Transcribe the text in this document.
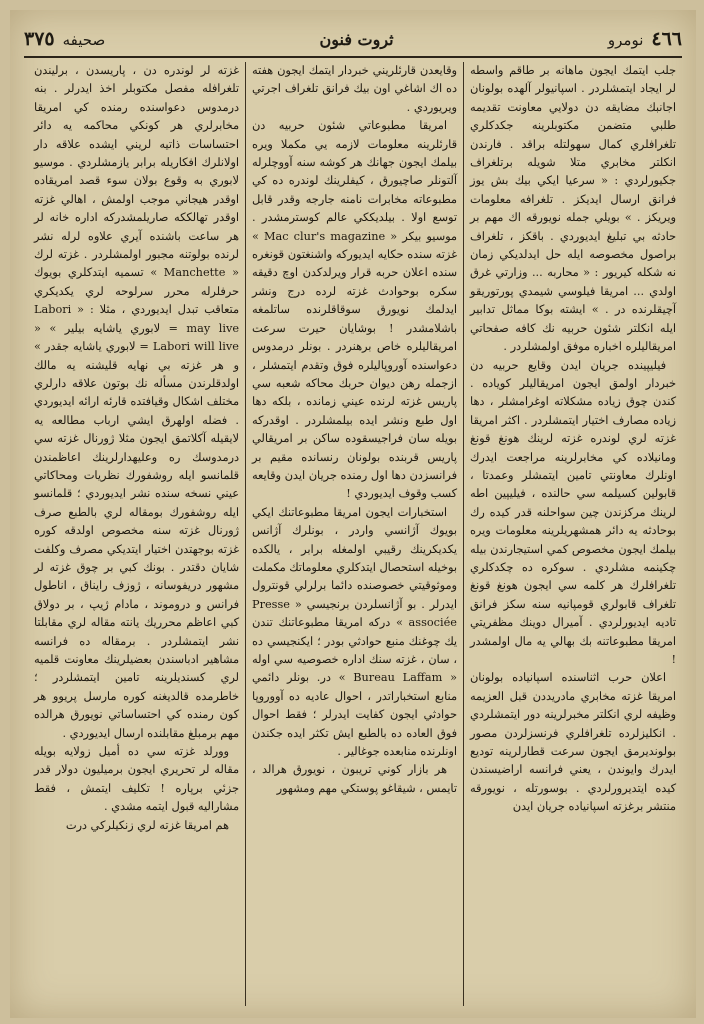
٤٦٦
نومرو
ثروت فنون
صحيفه
٣٧٥

جلب ايتمك ايجون ماهانه بر طاقم واسطه لر ايجاد ايتمشلردر . اسپانيولر آلهده بولونان اجانبك مضايقه دن دولايي معاونت تقديمه طلبي متضمن مكتوبلرينه جكدكلري تلغرافلري كمال سهولتله براقد . فارندن انكلتر مخابري متلا شويله برتلغراف جكيورلردي : « سرعيا ايكي بيك بش يوز فرانق ارسال ايديكز . تلغرافه معلومات ويريكز . » بويلي جمله نويورقه اك مهم بر حادثه بي تبليغ ايديوردي . باقكز ، تلغراف براصول مخصوصه ايله حل ايدلديكي زمان نه شكله كيريور : « محاربه ... وزارتي غرق اولدي ... امريقا فيلوسي شيمدي پورتوريقو آچيقلرنده در . » ايشته بوكا مماثل تدابير ايله انكلتر شئون حربيه نك كافه صفحاتي امريقاليلره اخباره موفق اولمشلردر .

فيليپينده جريان ايدن وقايع حربيه دن خبردار اولمق ايجون امريقاليلر كوياده . كندن چوق زياده مشكلاته اوغرامشلر ، دها زياده مصارف اختيار ايتمشلردر . اكثر امريقا غزته لري لوندره غزته لرينك هونغ قونغ ومانيلاده كي مخابرلرينه مراجعت ايدرك اونلرك معاونتي تامين ايتمشلر وعمدتا ، قابولين كسيلمه سي حالنده ، فيليپين اطه لرينك مركزندن چين سواحلنه قدر كيده رك بوحادثه يه دائر همشهريلرينه معلومات ويره بيلمك ايجون مخصوص كمي استيجارندن بيله چكينمه مشلردي . سوكره ده چكدكلري تلغرافلرك هر كلمه سي ايجون هونغ قونغ تلغراف قابولري قومپانيه سنه سكز فرانق تاديه ايديورلردي . آميرال دوينك مظفريتي امريقا مطبوعاتنه بك بهالي يه مال اولمشدر !

اعلان حرب اثناسنده اسپانياده بولونان امريقا غزته مخابري مادريددن قبل العزيمه وظيفه لري انكلتر مخبرلرينه دور ايتمشلردي . انكليزلرده تلغرافلري فرنسزلردن مصور بولونديرمق ايجون سرعت قطارلرينه توديع ايدرك وايوندن ، يعني فرانسه اراضيسندن كيده ايتديرورلردي . بوسورتله ، نويورقه منتشر برغزته اسپانياده جريان ايدن

وقايعدن قارئلريني خبردار ايتمك ايجون هفته ده اك اشاغي اون بيك فرانق تلغراف اجرتي ويريوردي .

امريقا مطبوعاتي شئون حربيه دن قارئلرينه معلومات لازمه يي مكملا ويره بيلمك ايجون جهانك هر كوشه سنه آووچلرله آلتونلر صاچيورق ، كيفلرينك لوندره ده كي مطبوعاته مخابرات نامنه جارجه وقدر قابل توسع اولا . بيلديككي عالم كوسترمشدر . موسيو بيكر « Mac clur's magazine » غزته سنده حكايه ايديوركه واشنغتون قونغره سنده اعلان حربه قرار ويرلدكدن اوچ دقيقه سكره بوحوادث غزته لرده درج ونشر ايدلمك نويورق سوقاقلرنده ساتلمغه باشلامشدر ! بوشايان حيرت سرعت امريقاليلره خاص برهنردر . بونلر درمدوس دعواسنده آوروپاليلره فوق وتقدم ايتمشلر ، ازجمله رهن ديوان حربك محاكه شعبه سي پاريس غزته لرنده عيني زمانده ، بلكه دها اول طبع ونشر ايده بيلمشلردر . اوقدركه بويله سان فراجيسقوده ساكن بر امريقالي پاريس قربنده بولونان رنسانده مقيم بر فرانسزدن دها اول رمنده جريان ايدن وقايعه كسب وقوف ايديوردي !

استخبارات ايجون امريقا مطبوعاتنك ايكي بويوك آژانسي واردر ، بونلرك آژانس يكديكرينك رقيبي اولمغله برابر ، يالكده بوخيله استحصال ايتدكلري معلوماتك مكملت وموثوقيتي خصوصنده دائما برلرلي قونترول ايدرلر . بو آژانسلردن برنجيسي « Presse associée » دركه امريقا مطبوعاتنك تندن يك چوغنك منبع حوادثي بودر ؛ ايكنجيسي ده ، سان ، غزته سنك اداره خصوصيه سي اوله « Bureau Laffam » در. بونلر دائمي منابع استخباراتدر ، احوال عاديه ده آووروپا حوادثي ايجون كفايت ايدرلر ؛ فقط احوال فوق العاده ده بالطبع ايش تكثر ايده جكندن اونلرنده منابعده جوغالير .

هر بازار كوني تريبون ، نويورق هرالد ، تايمس ، شيقاغو پوستكي مهم ومشهور

غزته لر لوندره دن ، پاريسدن ، برلیندن تلغرافله مفصل مكتوبلر اخذ ايدرلر . بنه درمدوس دعواسنده رمنده كي امريقا مخابرلري هر كونكي محاكمه يه دائر احتساسات ذاتيه لريني ايشده علاقه دار اولانلرك افكاريله برابر يازمشلردي . موسيو لابوري به وقوع بولان سوء قصد امريقاده اوقدر هيجاني موجب اولمش ، اهالي غزته اوقدر تهالككه صاريلمشدركه اداره خانه لر هر ساعت باشنده آيري علاوه لرله نشر لرنده بولوتنه مجبور اولمشلردر . غزته لرك « Manchette » تسميه ايتدكلري بويوك حرفلرله محرر سرلوحه لري يكديكري متعاقب تبدل ايديوردي ، مثلا : « Labori may live = لابوري ياشايه بيلير » « Labori will live = لابوري ياشايه جقدر » و هر غزته بي نهايه قليشنه يه مالك اولدقلرندن مسأله نك بوتون علاقه دارلري مختلف اشكال وقيافتده قارئه ارائه ايديوردي . فضله اولهرق ايشي ارباب مطالعه يه لايقيله آكلاتمق ايجون مثلا ژورنال غزته سي درمدوسك ره وعليهدارلرينك اعاظمندن قلمانسو ايله روشفورك نظريات ومحاكاتي عيني نسخه سنده نشر ايديوردي ؛ قلمانسو ايله روشفورك بومقاله لري بالطبع صرف ژورنال غزته سنه مخصوص اولدقه كوره غزته بوجهتدن اختيار ايتديكي مصرف وكلفت شايان دقتدر . بونك كبي بر چوق غزته لر مشهور دريفوسانه ، ژوزف رايناق ، اناطول فرانس و دروموند ، مادام ژيپ ، بر دولاق كبي اعاظم محرريك يانته مقاله لري مقابلتا نشر ايتمشلردر . برمقاله ده فرانسه مشاهير ادباسندن بعضيلرينك معاونت قلميه لري كسنديلرينه تامين ايتمشلردر ؛ خاطرمده قالديغنه كوره مارسل پريوو هر كون رمنده كي احتساساتي نويورق هرالده مهم برمبلغ مقابلنده ارسال ايديوردي .

وورلد غزته سي ده أميل زولايه بويله مقاله لر تحريري ايجون برميليون دولار قدر جزئي برپاره ! تكليف ايتمش ، فقط مشاراليه قبول ايتمه مشدي .

هم امريقا غزته لري زنكيلركي درت
